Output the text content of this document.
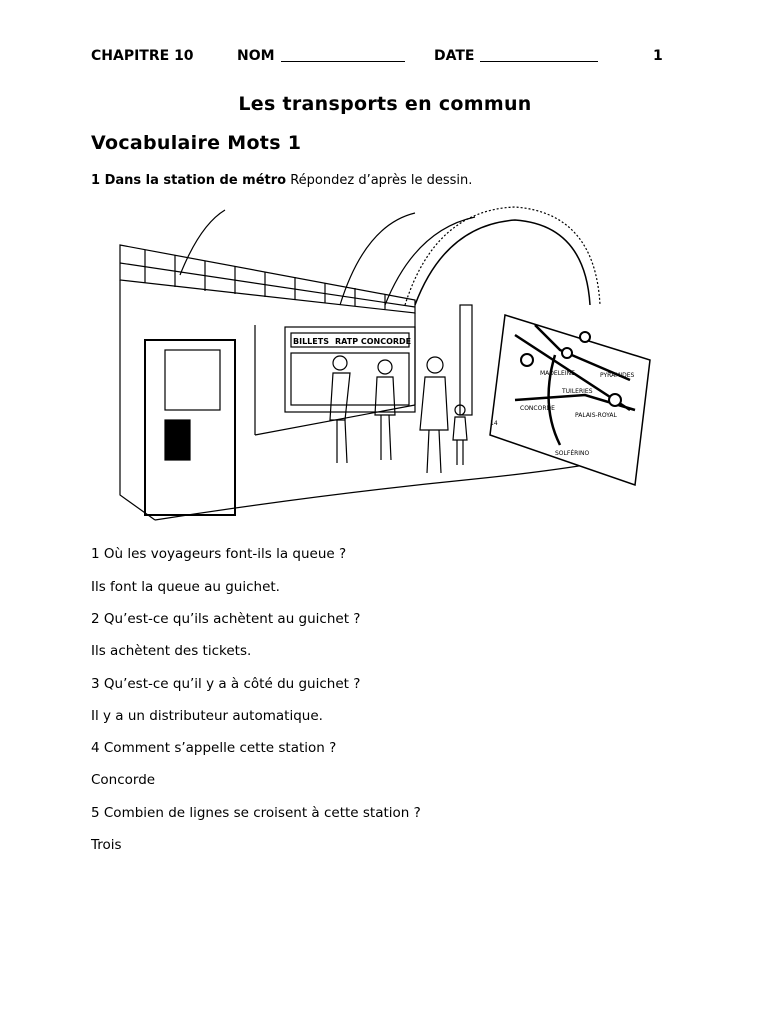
CHAPITRE 10	NOM	DATE	1
Les transports en commun
Vocabulaire Mots 1
1 Dans la station de métro Répondez d’après le dessin.
BILLETS RATP CONCORDE
MADELEINE
TUILERIES
CONCORDE
PALAIS-ROYAL
SOLFÉRINO
PYRAMIDES
14
1 Où les voyageurs font-ils la queue ?
Ils font la queue au guichet.
2 Qu’est-ce qu’ils achètent au guichet ?
Ils achètent des tickets.
3 Qu’est-ce qu’il y a à côté du guichet ?
Il y a un distributeur automatique.
4 Comment s’appelle cette station ?
Concorde
5 Combien de lignes se croisent à cette station ?
Trois
